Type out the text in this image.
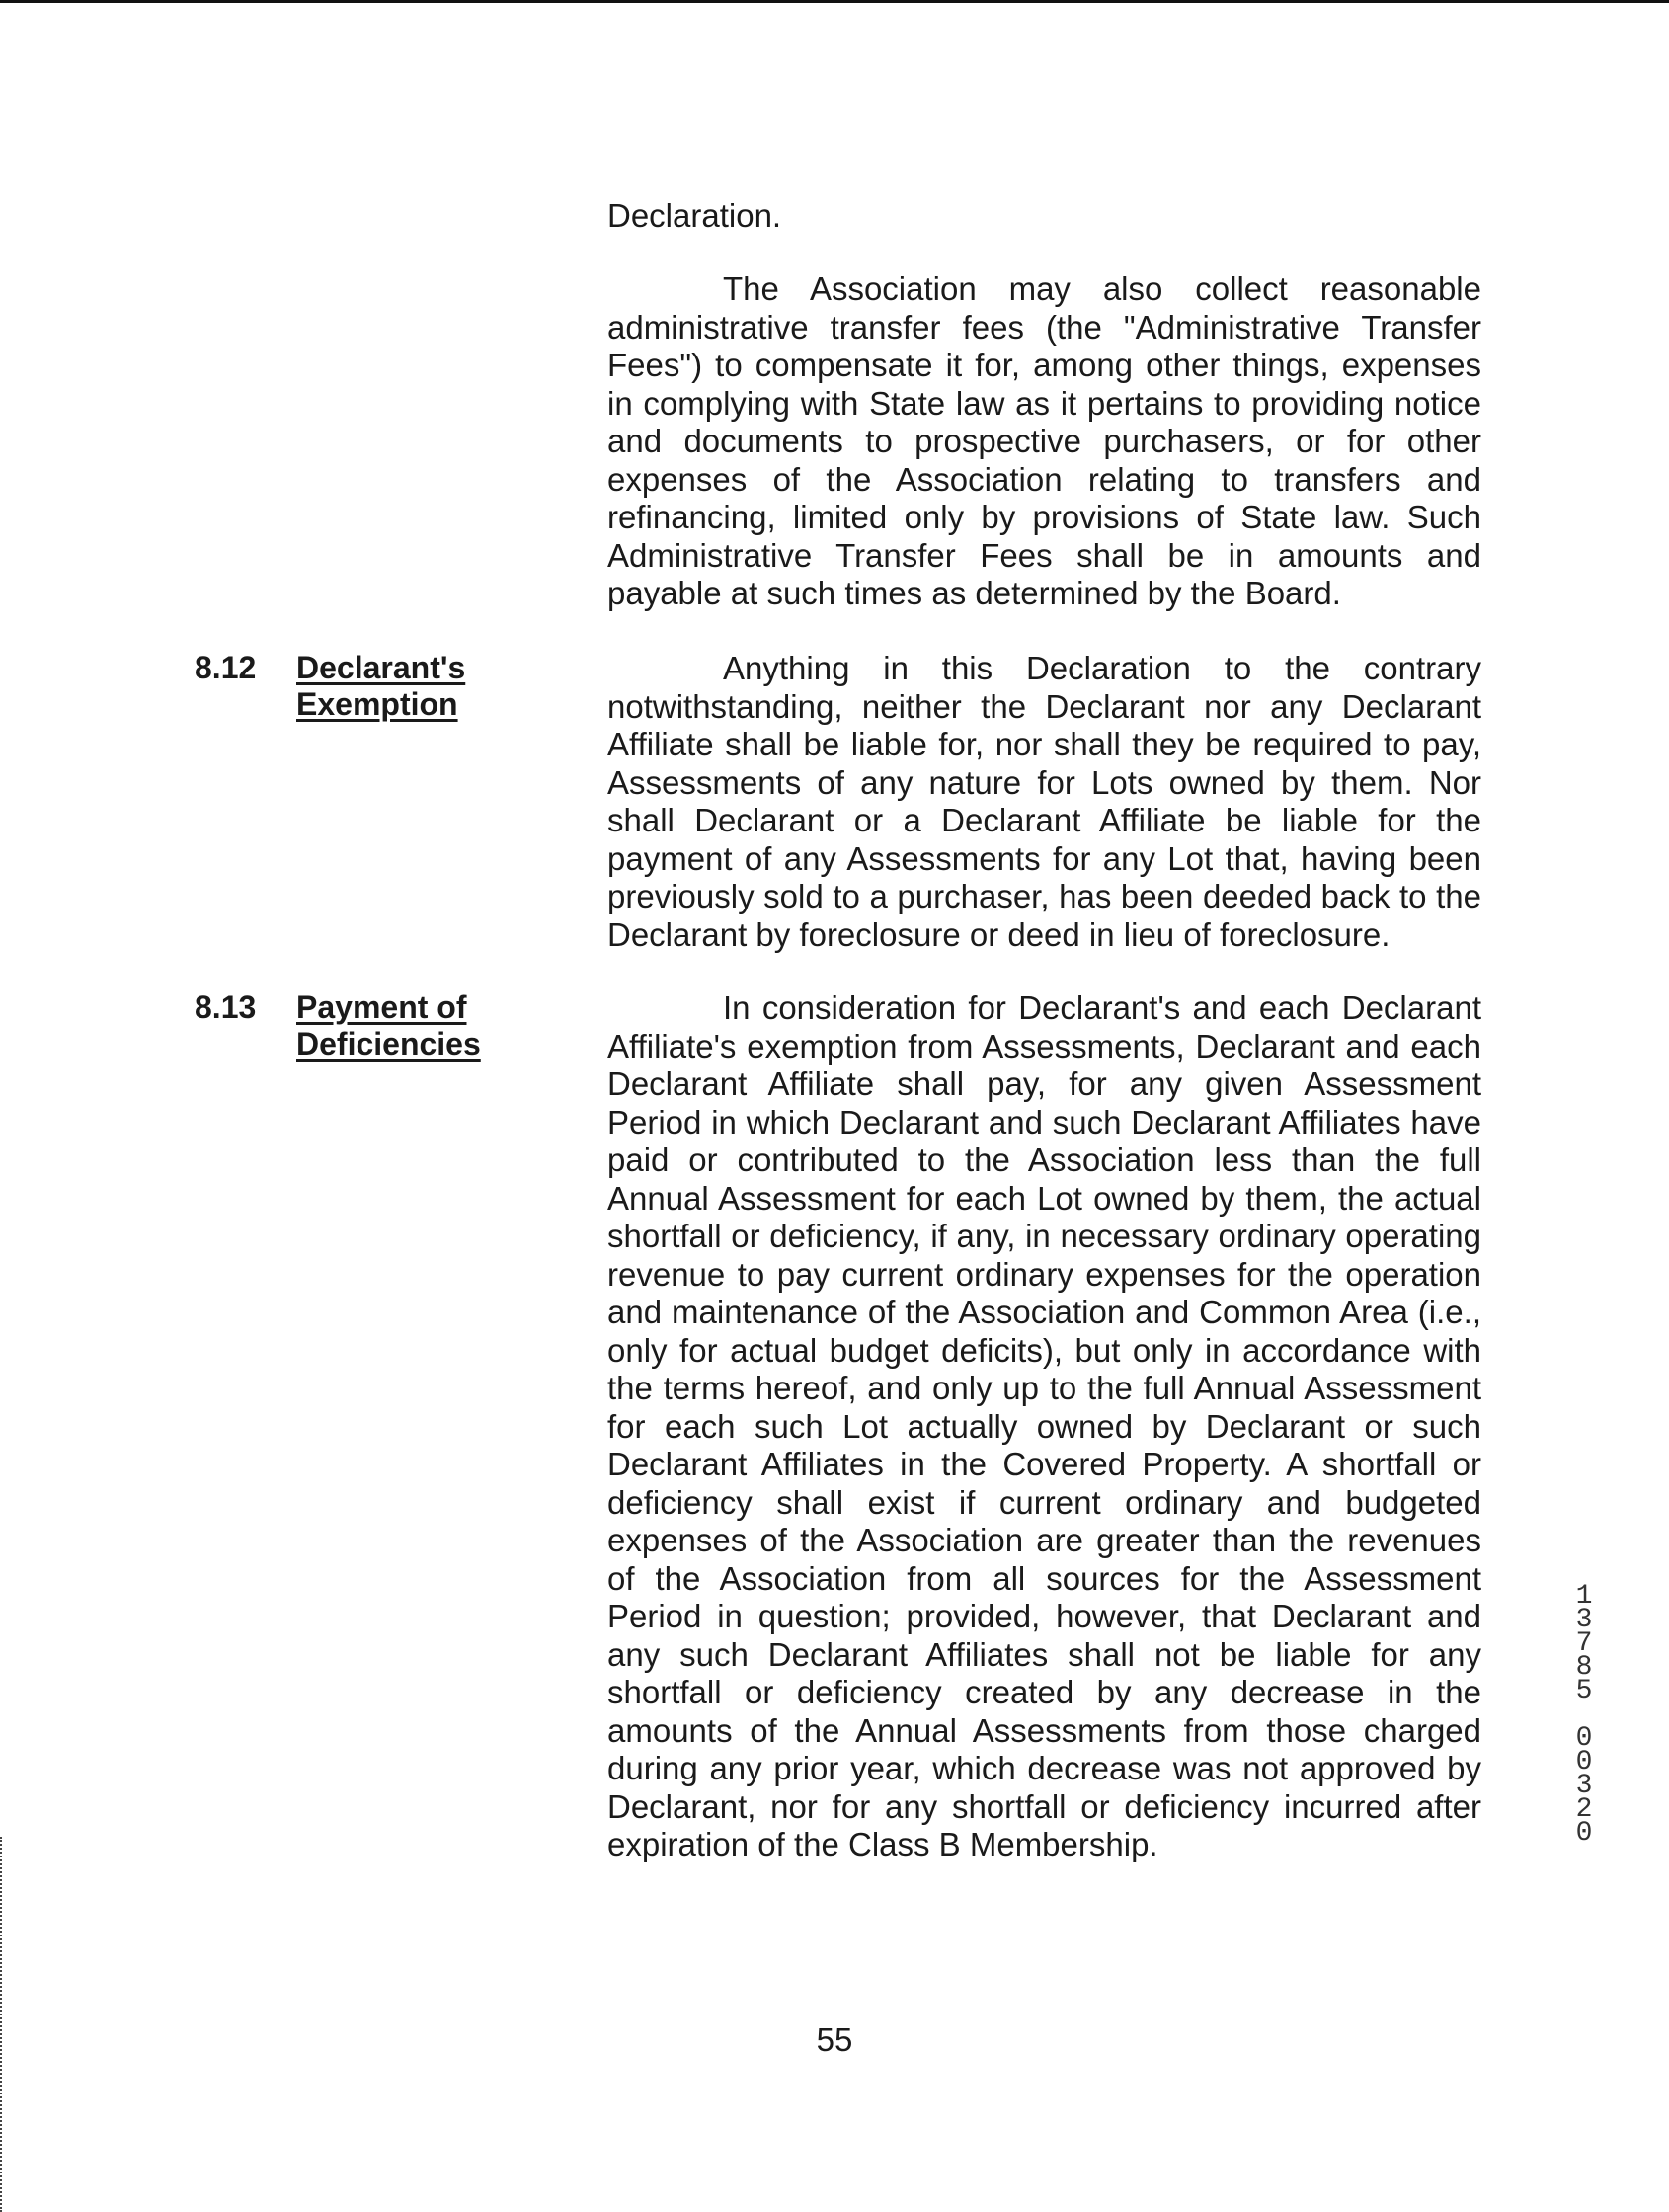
Declaration.

The Association may also collect reasonable administrative transfer fees (the "Administrative Transfer Fees") to compensate it for, among other things, expenses in complying with State law as it pertains to providing notice and documents to prospective purchasers, or for other expenses of the Association relating to transfers and refinancing, limited only by provisions of State law. Such Administrative Transfer Fees shall be in amounts and payable at such times as determined by the Board.

8.12 Declarant's
Exemption

Anything in this Declaration to the contrary notwithstanding, neither the Declarant nor any Declarant Affiliate shall be liable for, nor shall they be required to pay, Assessments of any nature for Lots owned by them. Nor shall Declarant or a Declarant Affiliate be liable for the payment of any Assessments for any Lot that, having been previously sold to a purchaser, has been deeded back to the Declarant by foreclosure or deed in lieu of foreclosure.

8.13 Payment of
Deficiencies

In consideration for Declarant's and each Declarant Affiliate's exemption from Assessments, Declarant and each Declarant Affiliate shall pay, for any given Assessment Period in which Declarant and such Declarant Affiliates have paid or contributed to the Association less than the full Annual Assessment for each Lot owned by them, the actual shortfall or deficiency, if any, in necessary ordinary operating revenue to pay current ordinary expenses for the operation and maintenance of the Association and Common Area (i.e., only for actual budget deficits), but only in accordance with the terms hereof, and only up to the full Annual Assessment for each such Lot actually owned by Declarant or such Declarant Affiliates in the Covered Property. A shortfall or deficiency shall exist if current ordinary and budgeted expenses of the Association are greater than the revenues of the Association from all sources for the Assessment Period in question; provided, however, that Declarant and any such Declarant Affiliates shall not be liable for any shortfall or deficiency created by any decrease in the amounts of the Annual Assessments from those charged during any prior year, which decrease was not approved by Declarant, nor for any shortfall or deficiency incurred after expiration of the Class B Membership.

55
1
3
7
8
5

0
0
3
2
0
